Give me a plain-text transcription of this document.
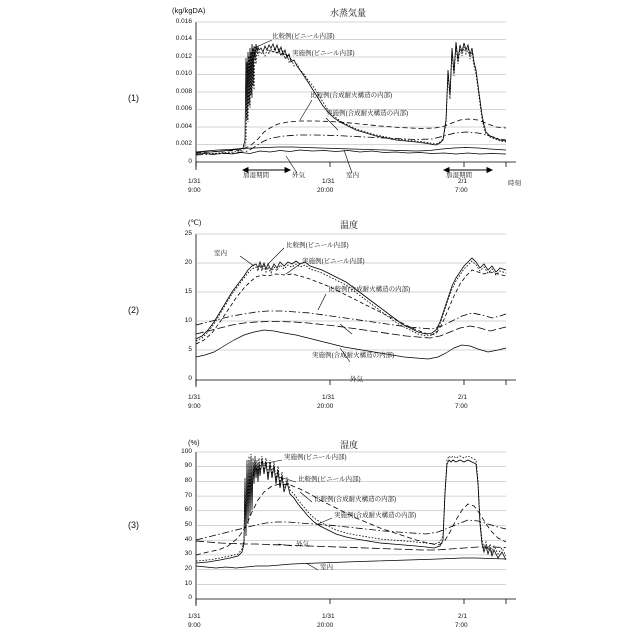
(1)
(kg/kgDA)	水蒸気量
0.016
0.014
0.012
0.010
0.008
0.006
0.004
0.002
0
1/31
9:00
1/31
20:00
2/1
7:00
時刻
比較例(ビニール内部)
実施例(ビニール内部)
比較例(合成耐火構造の内部)
実施例(合成耐火構造の内部)
加湿期間	外気	室内	加湿期間
(2)
(℃)	温度
25
20
15
10
5
0
1/31
9:00
1/31
20:00
2/1
7:00
室内
比較例(ビニール内部)
実施例(ビニール内部)
比較例(合成耐火構造の内部)
実施例(合成耐火構造の内部)
外気
(3)
(%)	湿度
100
90
80
70
60
50
40
30
20
10
0
1/31
9:00
1/31
20:00
2/1
7:00
実施例(ビニール内部)
比較例(ビニール内部)
比較例(合成耐火構造の内部)
実施例(合成耐火構造の内部)
外気
室内
